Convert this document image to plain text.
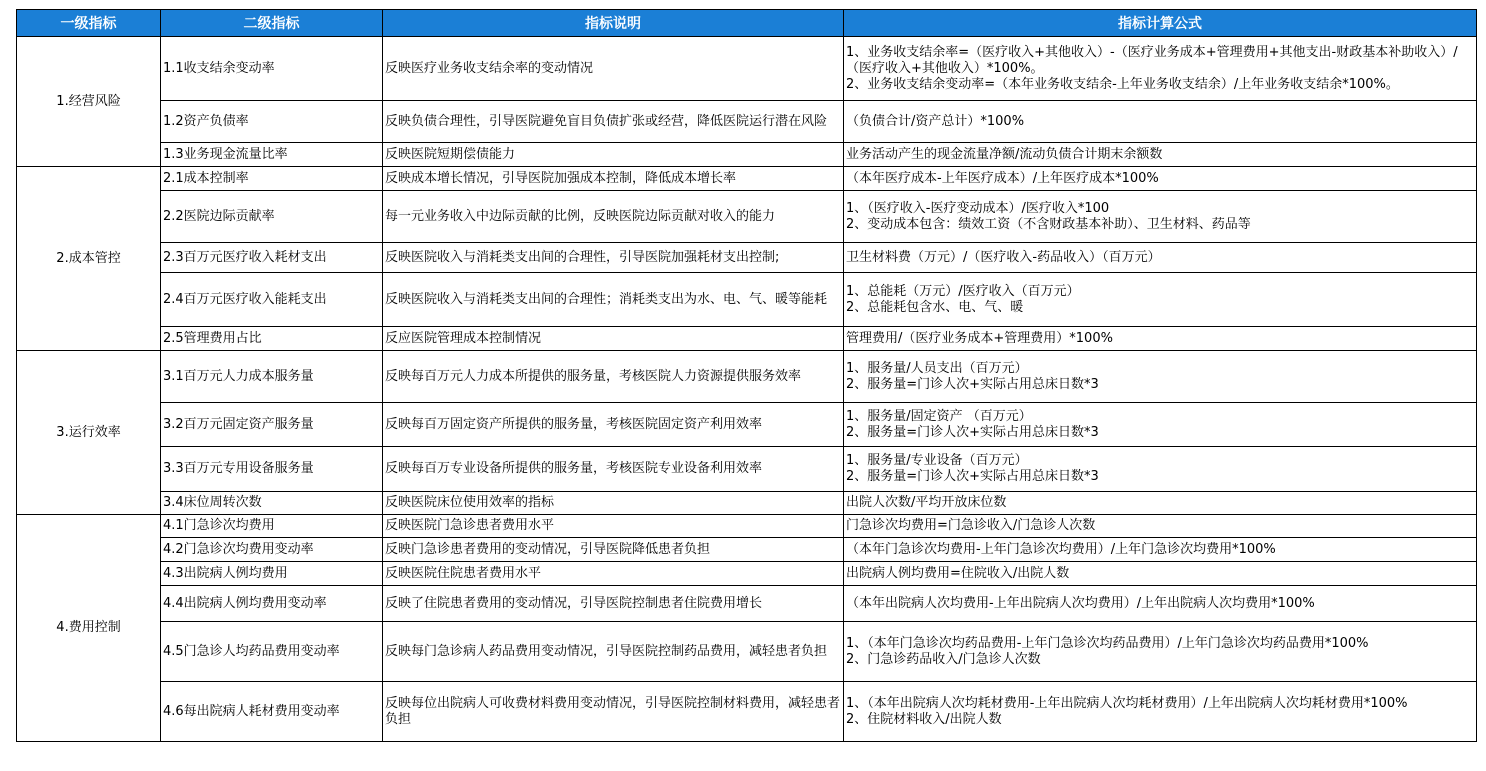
一级指标	二级指标	指标说明	指标计算公式
1.经营风险	1.1收支结余变动率	反映医疗业务收支结余率的变动情况	1、业务收支结余率=（医疗收入+其他收入）-（医疗业务成本+管理费用+其他支出-财政基本补助收入）/（医疗收入+其他收入）*100%。
2、业务收支结余变动率=（本年业务收支结余-上年业务收支结余）/上年业务收支结余*100%。
	1.2资产负债率	反映负债合理性，引导医院避免盲目负债扩张或经营，降低医院运行潜在风险	（负债合计/资产总计）*100%
	1.3业务现金流量比率	反映医院短期偿债能力	业务活动产生的现金流量净额/流动负债合计期末余额数
2.成本管控	2.1成本控制率	反映成本增长情况，引导医院加强成本控制，降低成本增长率	（本年医疗成本-上年医疗成本）/上年医疗成本*100%
	2.2医院边际贡献率	每一元业务收入中边际贡献的比例，反映医院边际贡献对收入的能力	1、（医疗收入-医疗变动成本）/医疗收入*100
2、变动成本包含：绩效工资（不含财政基本补助）、卫生材料、药品等
	2.3百万元医疗收入耗材支出	反映医院收入与消耗类支出间的合理性，引导医院加强耗材支出控制;	卫生材料费（万元）/（医疗收入-药品收入）（百万元）
	2.4百万元医疗收入能耗支出	反映医院收入与消耗类支出间的合理性；消耗类支出为水、电、气、暖等能耗	1、总能耗（万元）/医疗收入（百万元）
2、总能耗包含水、电、气、暖
	2.5管理费用占比	反应医院管理成本控制情况	管理费用/（医疗业务成本+管理费用）*100%
3.运行效率	3.1百万元人力成本服务量	反映每百万元人力成本所提供的服务量，考核医院人力资源提供服务效率	1、服务量/人员支出（百万元）
2、服务量=门诊人次+实际占用总床日数*3
	3.2百万元固定资产服务量	反映每百万固定资产所提供的服务量，考核医院固定资产利用效率	1、服务量/固定资产 （百万元）
2、服务量=门诊人次+实际占用总床日数*3
	3.3百万元专用设备服务量	反映每百万专业设备所提供的服务量，考核医院专业设备利用效率	1、服务量/专业设备（百万元）
2、服务量=门诊人次+实际占用总床日数*3
	3.4床位周转次数	反映医院床位使用效率的指标	出院人次数/平均开放床位数
4.费用控制	4.1门急诊次均费用	反映医院门急诊患者费用水平	门急诊次均费用=门急诊收入/门急诊人次数
	4.2门急诊次均费用变动率	反映门急诊患者费用的变动情况，引导医院降低患者负担	（本年门急诊次均费用-上年门急诊次均费用）/上年门急诊次均费用*100%
	4.3出院病人例均费用	反映医院住院患者费用水平	出院病人例均费用=住院收入/出院人数
	4.4出院病人例均费用变动率	反映了住院患者费用的变动情况，引导医院控制患者住院费用增长	（本年出院病人次均费用-上年出院病人次均费用）/上年出院病人次均费用*100%
	4.5门急诊人均药品费用变动率	反映每门急诊病人药品费用变动情况，引导医院控制药品费用，减轻患者负担	1、（本年门急诊次均药品费用-上年门急诊次均药品费用）/上年门急诊次均药品费用*100%
2、门急诊药品收入/门急诊人次数
	4.6每出院病人耗材费用变动率	反映每位出院病人可收费材料费用变动情况，引导医院控制材料费用，减轻患者负担	1、（本年出院病人次均耗材费用-上年出院病人次均耗材费用）/上年出院病人次均耗材费用*100%
2、住院材料收入/出院人数
